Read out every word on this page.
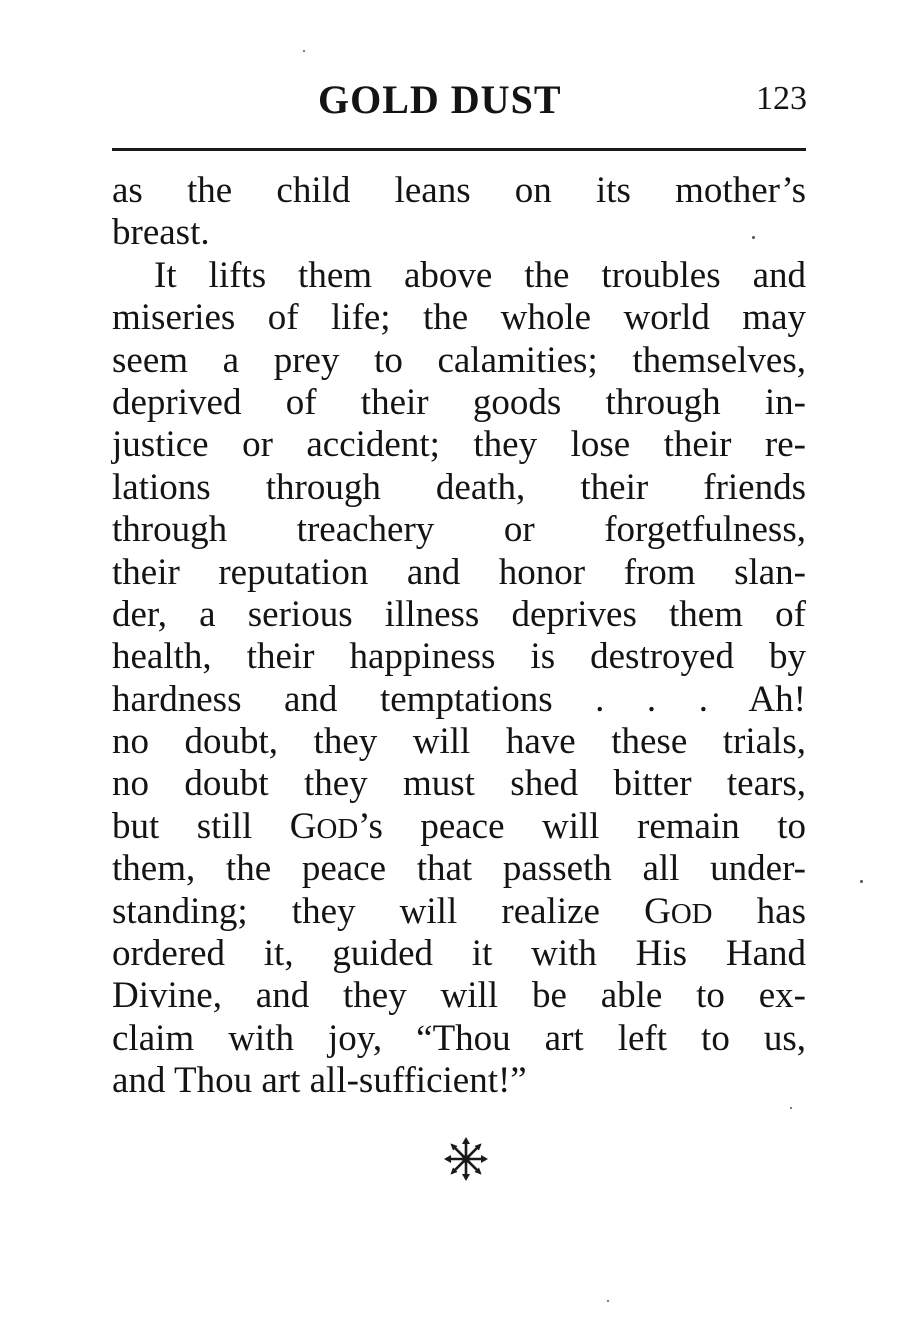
GOLD DUST	123
as the child leans on its mother’s
breast.
It lifts them above the troubles and
miseries of life; the whole world may
seem a prey to calamities; themselves,
deprived of their goods through in-
justice or accident; they lose their re-
lations through death, their friends
through treachery or forgetfulness,
their reputation and honor from slan-
der, a serious illness deprives them of
health, their happiness is destroyed by
hardness and temptations . . . Ah!
no doubt, they will have these trials,
no doubt they must shed bitter tears,
but still GOD’s peace will remain to
them, the peace that passeth all under-
standing; they will realize GOD has
ordered it, guided it with His Hand
Divine, and they will be able to ex-
claim with joy, “Thou art left to us,
and Thou art all-sufficient!”
